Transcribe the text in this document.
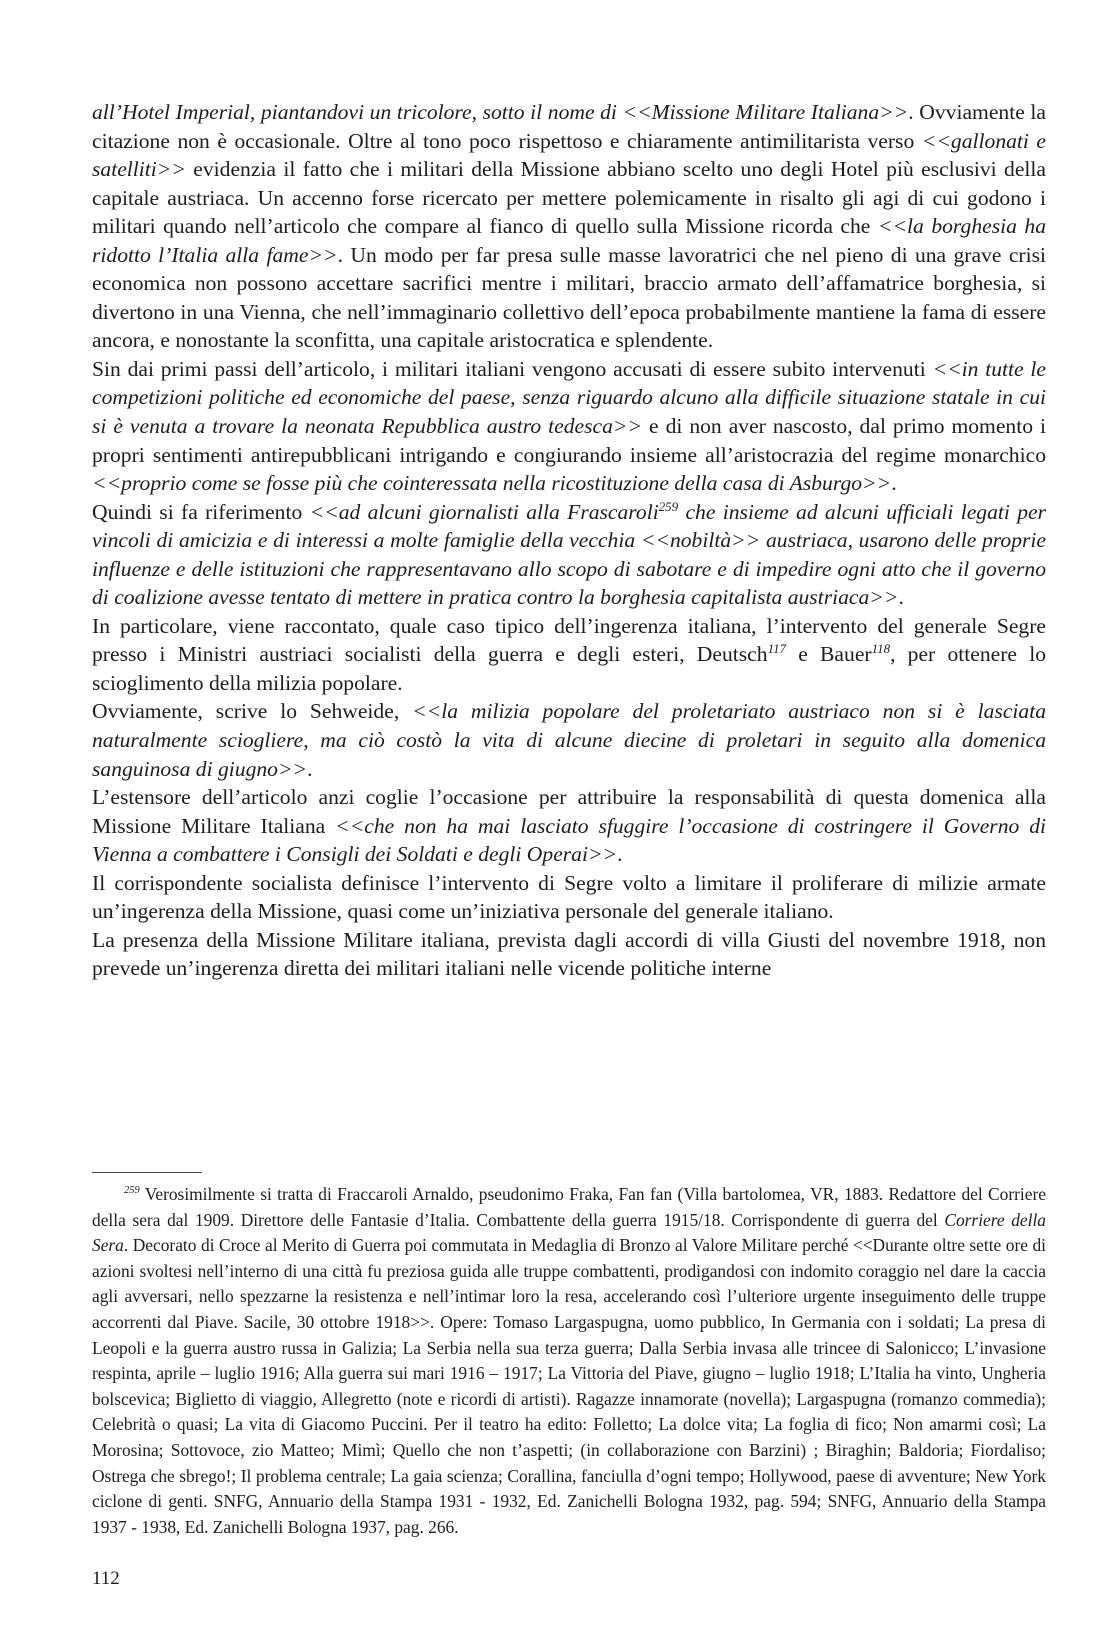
all’Hotel Imperial, piantandovi un tricolore, sotto il nome di <<Missione Militare Italiana>>. Ovviamente la citazione non è occasionale. Oltre al tono poco rispettoso e chiaramente antimilitarista verso <<gallonati e satelliti>> evidenzia il fatto che i militari della Missione abbiano scelto uno degli Hotel più esclusivi della capitale austriaca. Un accenno forse ricercato per mettere polemicamente in risalto gli agi di cui godono i militari quando nell’articolo che compare al fianco di quello sulla Missione ricorda che <<la borghesia ha ridotto l’Italia alla fame>>. Un modo per far presa sulle masse lavoratrici che nel pieno di una grave crisi economica non possono accettare sacrifici mentre i militari, braccio armato dell’affamatrice borghesia, si divertono in una Vienna, che nell’immaginario collettivo dell’epoca probabilmente mantiene la fama di essere ancora, e nonostante la sconfitta, una capitale aristocratica e splendente.

Sin dai primi passi dell’articolo, i militari italiani vengono accusati di essere subito intervenuti <<in tutte le competizioni politiche ed economiche del paese, senza riguardo alcuno alla difficile situazione statale in cui si è venuta a trovare la neonata Repubblica austro tedesca>> e di non aver nascosto, dal primo momento i propri sentimenti antirepubblicani intrigando e congiurando insieme all’aristocrazia del regime monarchico <<proprio come se fosse più che cointeressata nella ricostituzione della casa di Asburgo>>.

Quindi si fa riferimento <<ad alcuni giornalisti alla Frascaroli$^{259}$ che insieme ad alcuni ufficiali legati per vincoli di amicizia e di interessi a molte famiglie della vecchia <<nobiltà>> austriaca, usarono delle proprie influenze e delle istituzioni che rappresentavano allo scopo di sabotare e di impedire ogni atto che il governo di coalizione avesse tentato di mettere in pratica contro la borghesia capitalista austriaca>>.

In particolare, viene raccontato, quale caso tipico dell’ingerenza italiana, l’intervento del generale Segre presso i Ministri austriaci socialisti della guerra e degli esteri, Deutsch$^{117}$ e Bauer$^{118}$, per ottenere lo scioglimento della milizia popolare.

Ovviamente, scrive lo Sehweide, <<la milizia popolare del proletariato austriaco non si è lasciata naturalmente sciogliere, ma ciò costò la vita di alcune diecine di proletari in seguito alla domenica sanguinosa di giugno>>.

L’estensore dell’articolo anzi coglie l’occasione per attribuire la responsabilità di questa domenica alla Missione Militare Italiana <<che non ha mai lasciato sfuggire l’occasione di costringere il Governo di Vienna a combattere i Consigli dei Soldati e degli Operai>>.

Il corrispondente socialista definisce l’intervento di Segre volto a limitare il proliferare di milizie armate un’ingerenza della Missione, quasi come un’iniziativa personale del generale italiano.

La presenza della Missione Militare italiana, prevista dagli accordi di villa Giusti del novembre 1918, non prevede un’ingerenza diretta dei militari italiani nelle vicende politiche interne

$^{259}$ Verosimilmente si tratta di Fraccaroli Arnaldo, pseudonimo Fraka, Fan fan (Villa bartolomea, VR, 1883. Redattore del Corriere della sera dal 1909. Direttore delle Fantasie d’Italia. Combattente della guerra 1915/18. Corrispondente di guerra del Corriere della Sera. Decorato di Croce al Merito di Guerra poi commutata in Medaglia di Bronzo al Valore Militare perché <<Durante oltre sette ore di azioni svoltesi nell’interno di una città fu preziosa guida alle truppe combattenti, prodigandosi con indomito coraggio nel dare la caccia agli avversari, nello spezzarne la resistenza e nell’intimar loro la resa, accelerando così l’ulteriore urgente inseguimento delle truppe accorrenti dal Piave. Sacile, 30 ottobre 1918>>. Opere: Tomaso Largaspugna, uomo pubblico, In Germania con i soldati; La presa di Leopoli e la guerra austro russa in Galizia; La Serbia nella sua terza guerra; Dalla Serbia invasa alle trincee di Salonicco; L’invasione respinta, aprile – luglio 1916; Alla guerra sui mari 1916 – 1917; La Vittoria del Piave, giugno – luglio 1918; L’Italia ha vinto, Ungheria bolscevica; Biglietto di viaggio, Allegretto (note e ricordi di artisti). Ragazze innamorate (novella); Largaspugna (romanzo commedia); Celebrità o quasi; La vita di Giacomo Puccini. Per il teatro ha edito: Folletto; La dolce vita; La foglia di fico; Non amarmi così; La Morosina; Sottovoce, zio Matteo; Mimì; Quello che non t’aspetti; (in collaborazione con Barzini) ; Biraghin; Baldoria; Fiordaliso; Ostrega che sbrego!; Il problema centrale; La gaia scienza; Corallina, fanciulla d’ogni tempo; Hollywood, paese di avventure; New York ciclone di genti. SNFG, Annuario della Stampa 1931 - 1932, Ed. Zanichelli Bologna 1932, pag. 594; SNFG, Annuario della Stampa 1937 - 1938, Ed. Zanichelli Bologna 1937, pag. 266.

112
